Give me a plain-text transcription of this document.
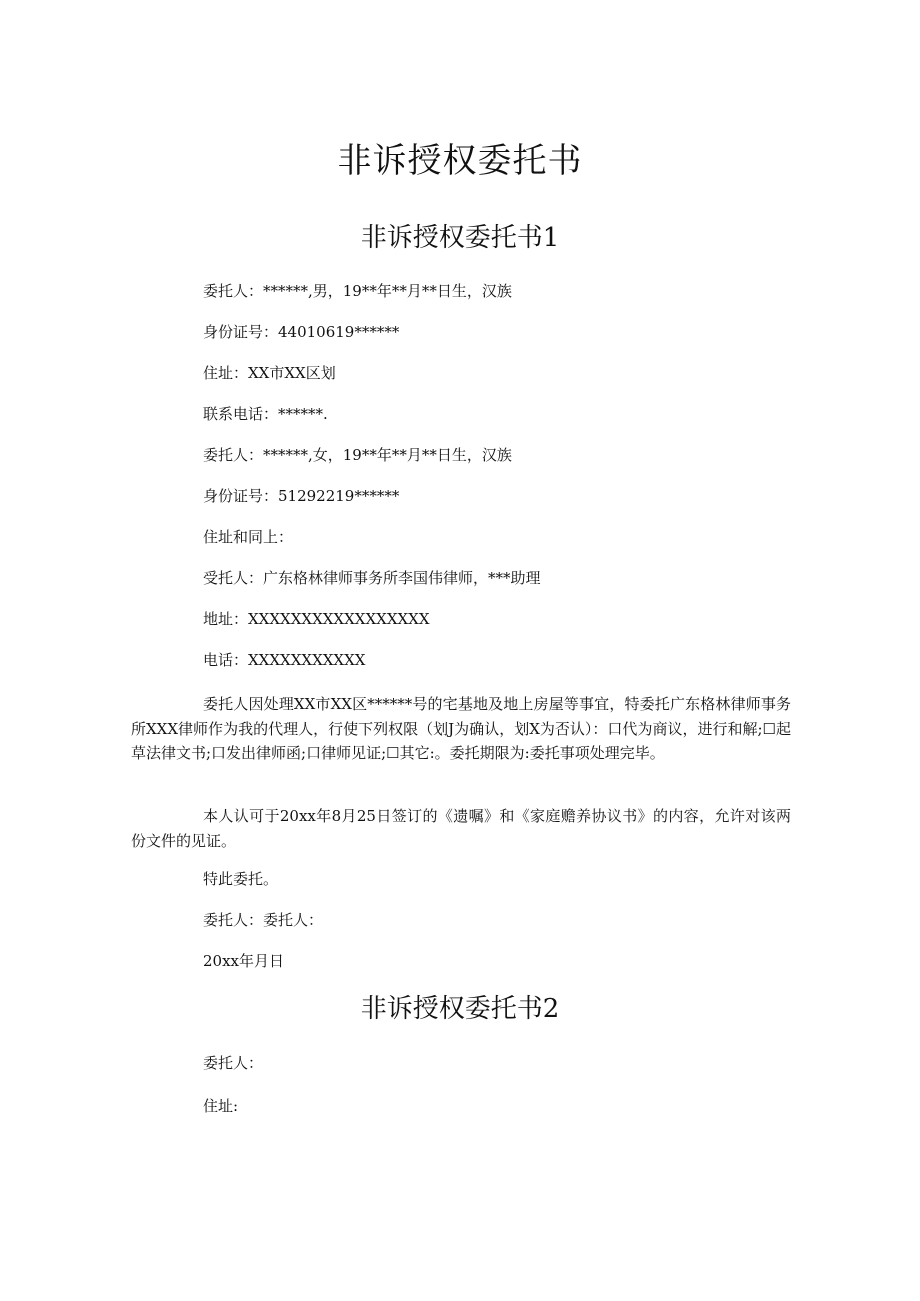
非诉授权委托书
非诉授权委托书1
委托人：******,男，19**年**月**日生，汉族
身份证号：44010619******
住址：XX市XX区划
联系电话：******.
委托人：******,女，19**年**月**日生，汉族
身份证号：51292219******
住址和同上：
受托人：广东格林律师事务所李国伟律师，***助理
地址：XXXXXXXXXXXXXXXXX
电话：XXXXXXXXXXX
委托人因处理XX市XX区******号的宅基地及地上房屋等事宜，特委托广东格林律师事务所XXX律师作为我的代理人，行使下列权限（划J为确认，划X为否认）：口代为商议，进行和解;☐起草法律文书;口发出律师函;口律师见证;☐其它:。委托期限为:委托事项处理完毕。
本人认可于20xx年8月25日签订的《遗嘱》和《家庭赡养协议书》的内容，允许对该两份文件的见证。
特此委托。
委托人：委托人：
20xx年月日
非诉授权委托书2
委托人：
住址:
